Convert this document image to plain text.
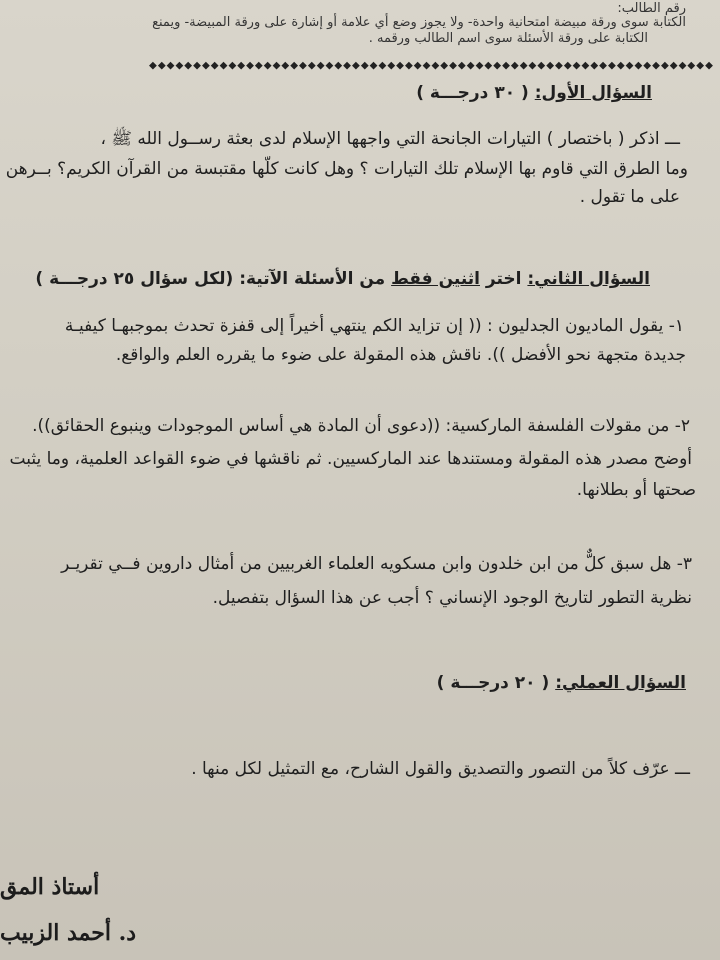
رقم الطالب:
الكتابة سوى ورقة مبيضة امتحانية واحدة- ولا يجوز وضع أي علامة أو إشارة على ورقة المبيضة- ويمنع
الكتابة على ورقة الأسئلة سوى اسم الطالب ورقمه .
◆◆◆◆◆◆◆◆◆◆◆◆◆◆◆◆◆◆◆◆◆◆◆◆◆◆◆◆◆◆◆◆◆◆◆◆◆◆◆◆◆◆◆◆◆◆◆◆◆◆◆◆◆◆◆◆◆◆◆◆◆◆◆◆
السؤال الأول: ( ٣٠ درجـــة )
ـــ اذكر ( باختصار ) التيارات الجانحة التي واجهها الإسلام لدى بعثة رســول الله ﷺ ،
وما الطرق التي قاوم بها الإسلام تلك التيارات ؟ وهل كانت كلّها مقتبسة من القرآن الكريم؟ بــرهن
على ما تقول .
السؤال الثاني: اختر اثنين فقط من الأسئلة الآتية: (لكل سؤال ٢٥ درجـــة )
١- يقول الماديون الجدليون : (( إن تزايد الكم ينتهي أخيراً إلى قفزة تحدث بموجبهـا كيفيـة
جديدة متجهة نحو الأفضل )). ناقش هذه المقولة على ضوء ما يقرره العلم والواقع.
٢- من مقولات الفلسفة الماركسية: ((دعوى أن المادة هي أساس الموجودات وينبوع الحقائق)).
أوضح مصدر هذه المقولة ومستندها عند الماركسيين. ثم ناقشها في ضوء القواعد العلمية، وما يثبت
صحتها أو بطلانها.
٣- هل سبق كلٌّ من ابن خلدون وابن مسكويه العلماء الغربيين من أمثال داروين فــي تقريـر
نظرية التطور لتاريخ الوجود الإنساني ؟ أجب عن هذا السؤال بتفصيل.
السؤال العملي: ( ٢٠ درجـــة )
ـــ عرّف كلاً من التصور والتصديق والقول الشارح، مع التمثيل لكل منها .
أستاذ المق
د. أحمد الزبيب
